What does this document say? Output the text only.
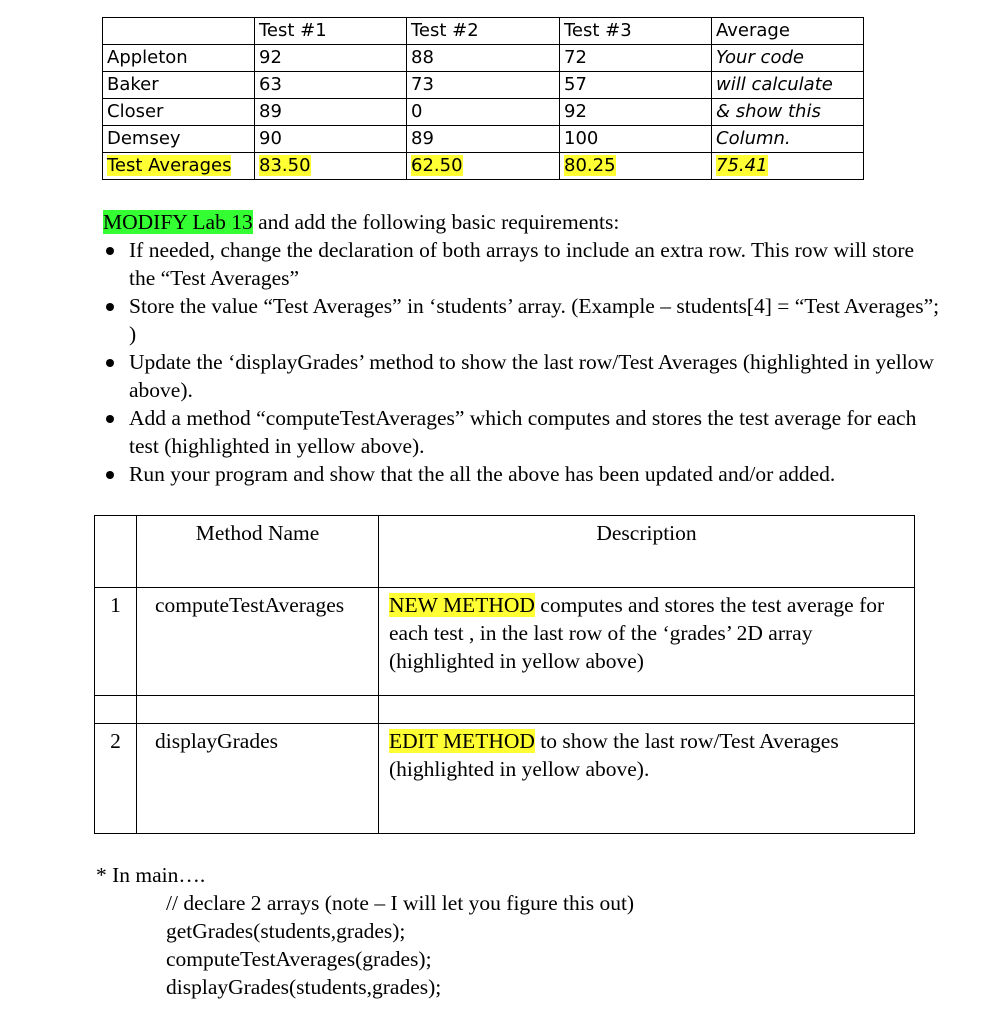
	Test #1	Test #2	Test #3	Average
Appleton	92	88	72	Your code
Baker	63	73	57	will calculate
Closer	89	0	92	& show this
Demsey	90	89	100	Column.
Test Averages	83.50	62.50	80.25	75.41
MODIFY Lab 13 and add the following basic requirements:
If needed, change the declaration of both arrays to include an extra row. This row will store the “Test Averages”
Store the value “Test Averages” in ‘students’ array. (Example – students[4] = “Test Averages”; )
Update the ‘displayGrades’ method to show the last row/Test Averages (highlighted in yellow above).
Add a method “computeTestAverages” which computes and stores the test average for each test (highlighted in yellow above).
Run your program and show that the all the above has been updated and/or added.
	Method Name	Description
1	computeTestAverages	NEW METHOD computes and stores the test average for each test , in the last row of the ‘grades’ 2D array (highlighted in yellow above)

2	displayGrades	EDIT METHOD to show the last row/Test Averages (highlighted in yellow above).
* In main….
// declare 2 arrays (note – I will let you figure this out)
getGrades(students,grades);
computeTestAverages(grades);
displayGrades(students,grades);
